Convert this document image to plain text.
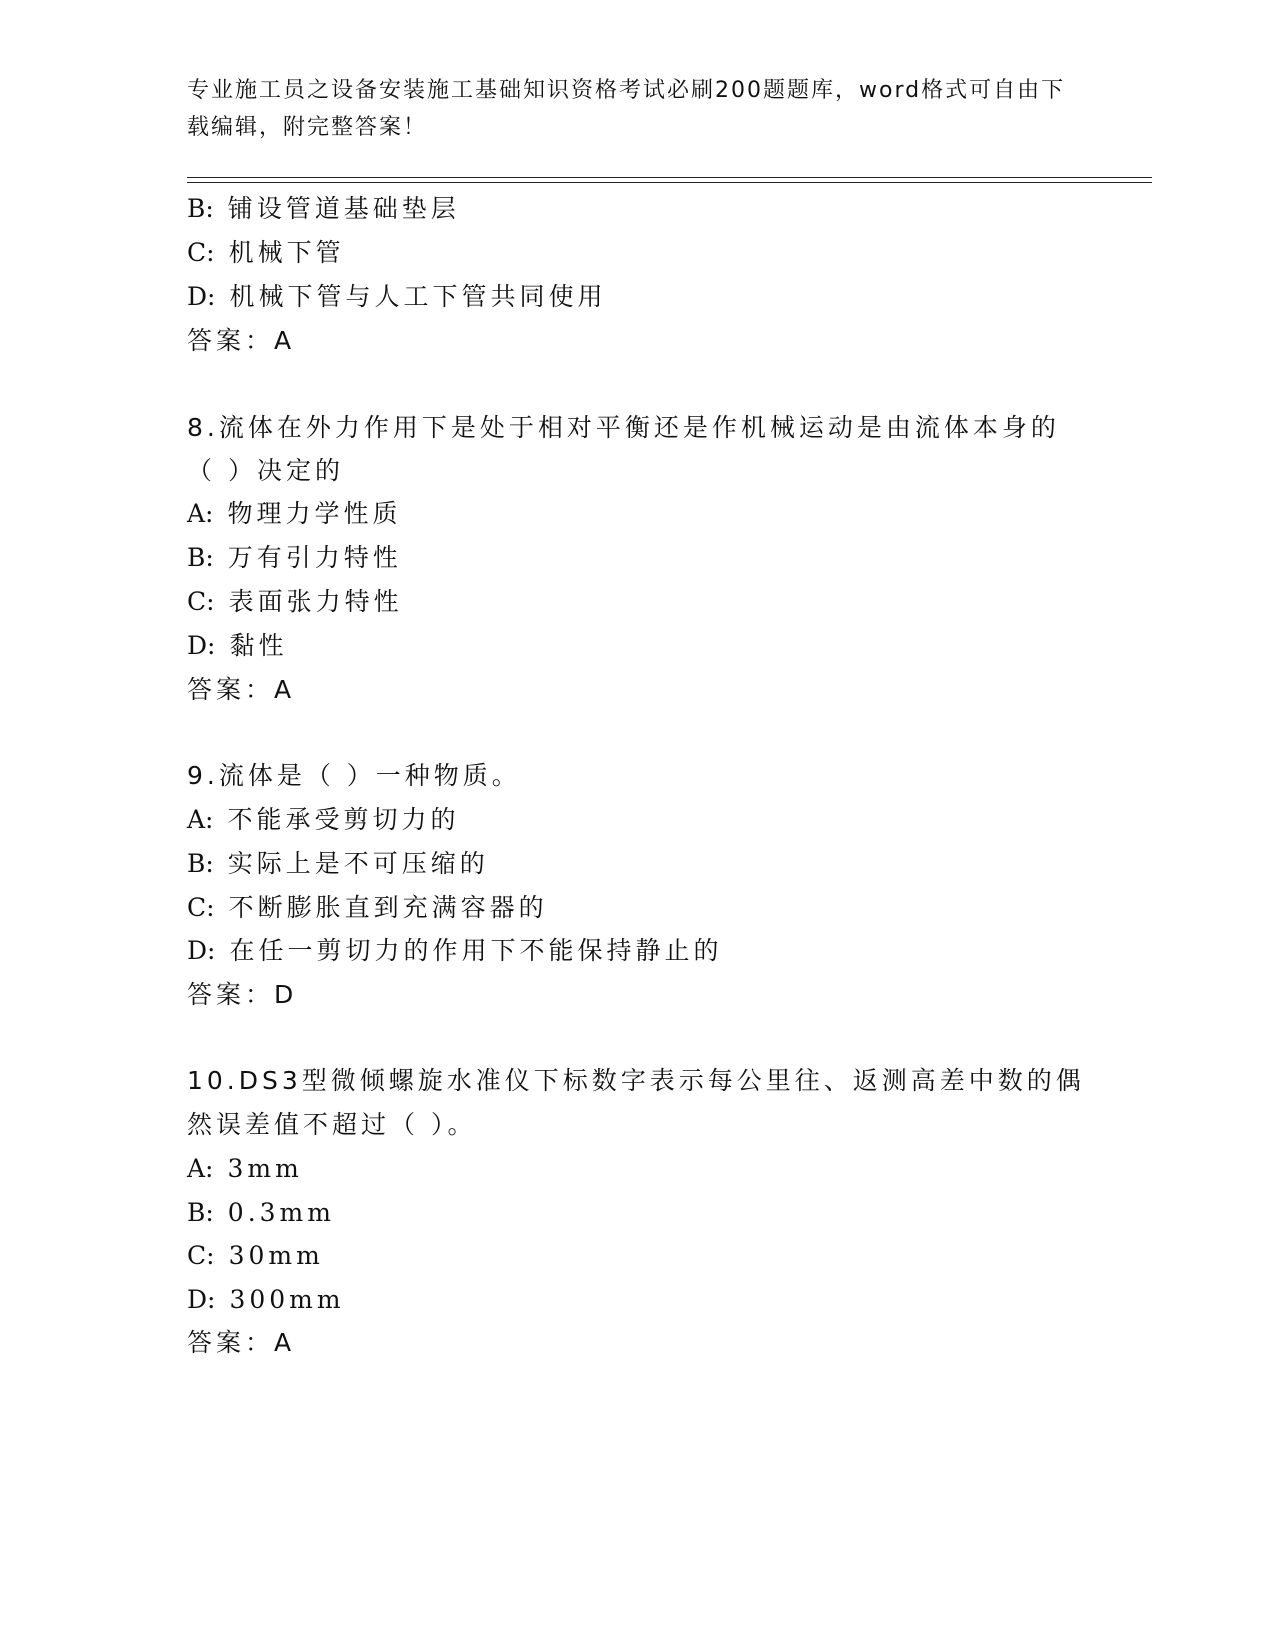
专业施工员之设备安装施工基础知识资格考试必刷200题题库，word格式可自由下载编辑，附完整答案！
B: 铺设管道基础垫层
C: 机械下管
D: 机械下管与人工下管共同使用
答案：A
8.流体在外力作用下是处于相对平衡还是作机械运动是由流体本身的
（ ）决定的
A: 物理力学性质
B: 万有引力特性
C: 表面张力特性
D: 黏性
答案：A
9.流体是（ ）一种物质。
A: 不能承受剪切力的
B: 实际上是不可压缩的
C: 不断膨胀直到充满容器的
D: 在任一剪切力的作用下不能保持静止的
答案：D
10.DS3型微倾螺旋水准仪下标数字表示每公里往、返测高差中数的偶
然误差值不超过（ ）。
A: 3mm
B: 0.3mm
C: 30mm
D: 300mm
答案：A
